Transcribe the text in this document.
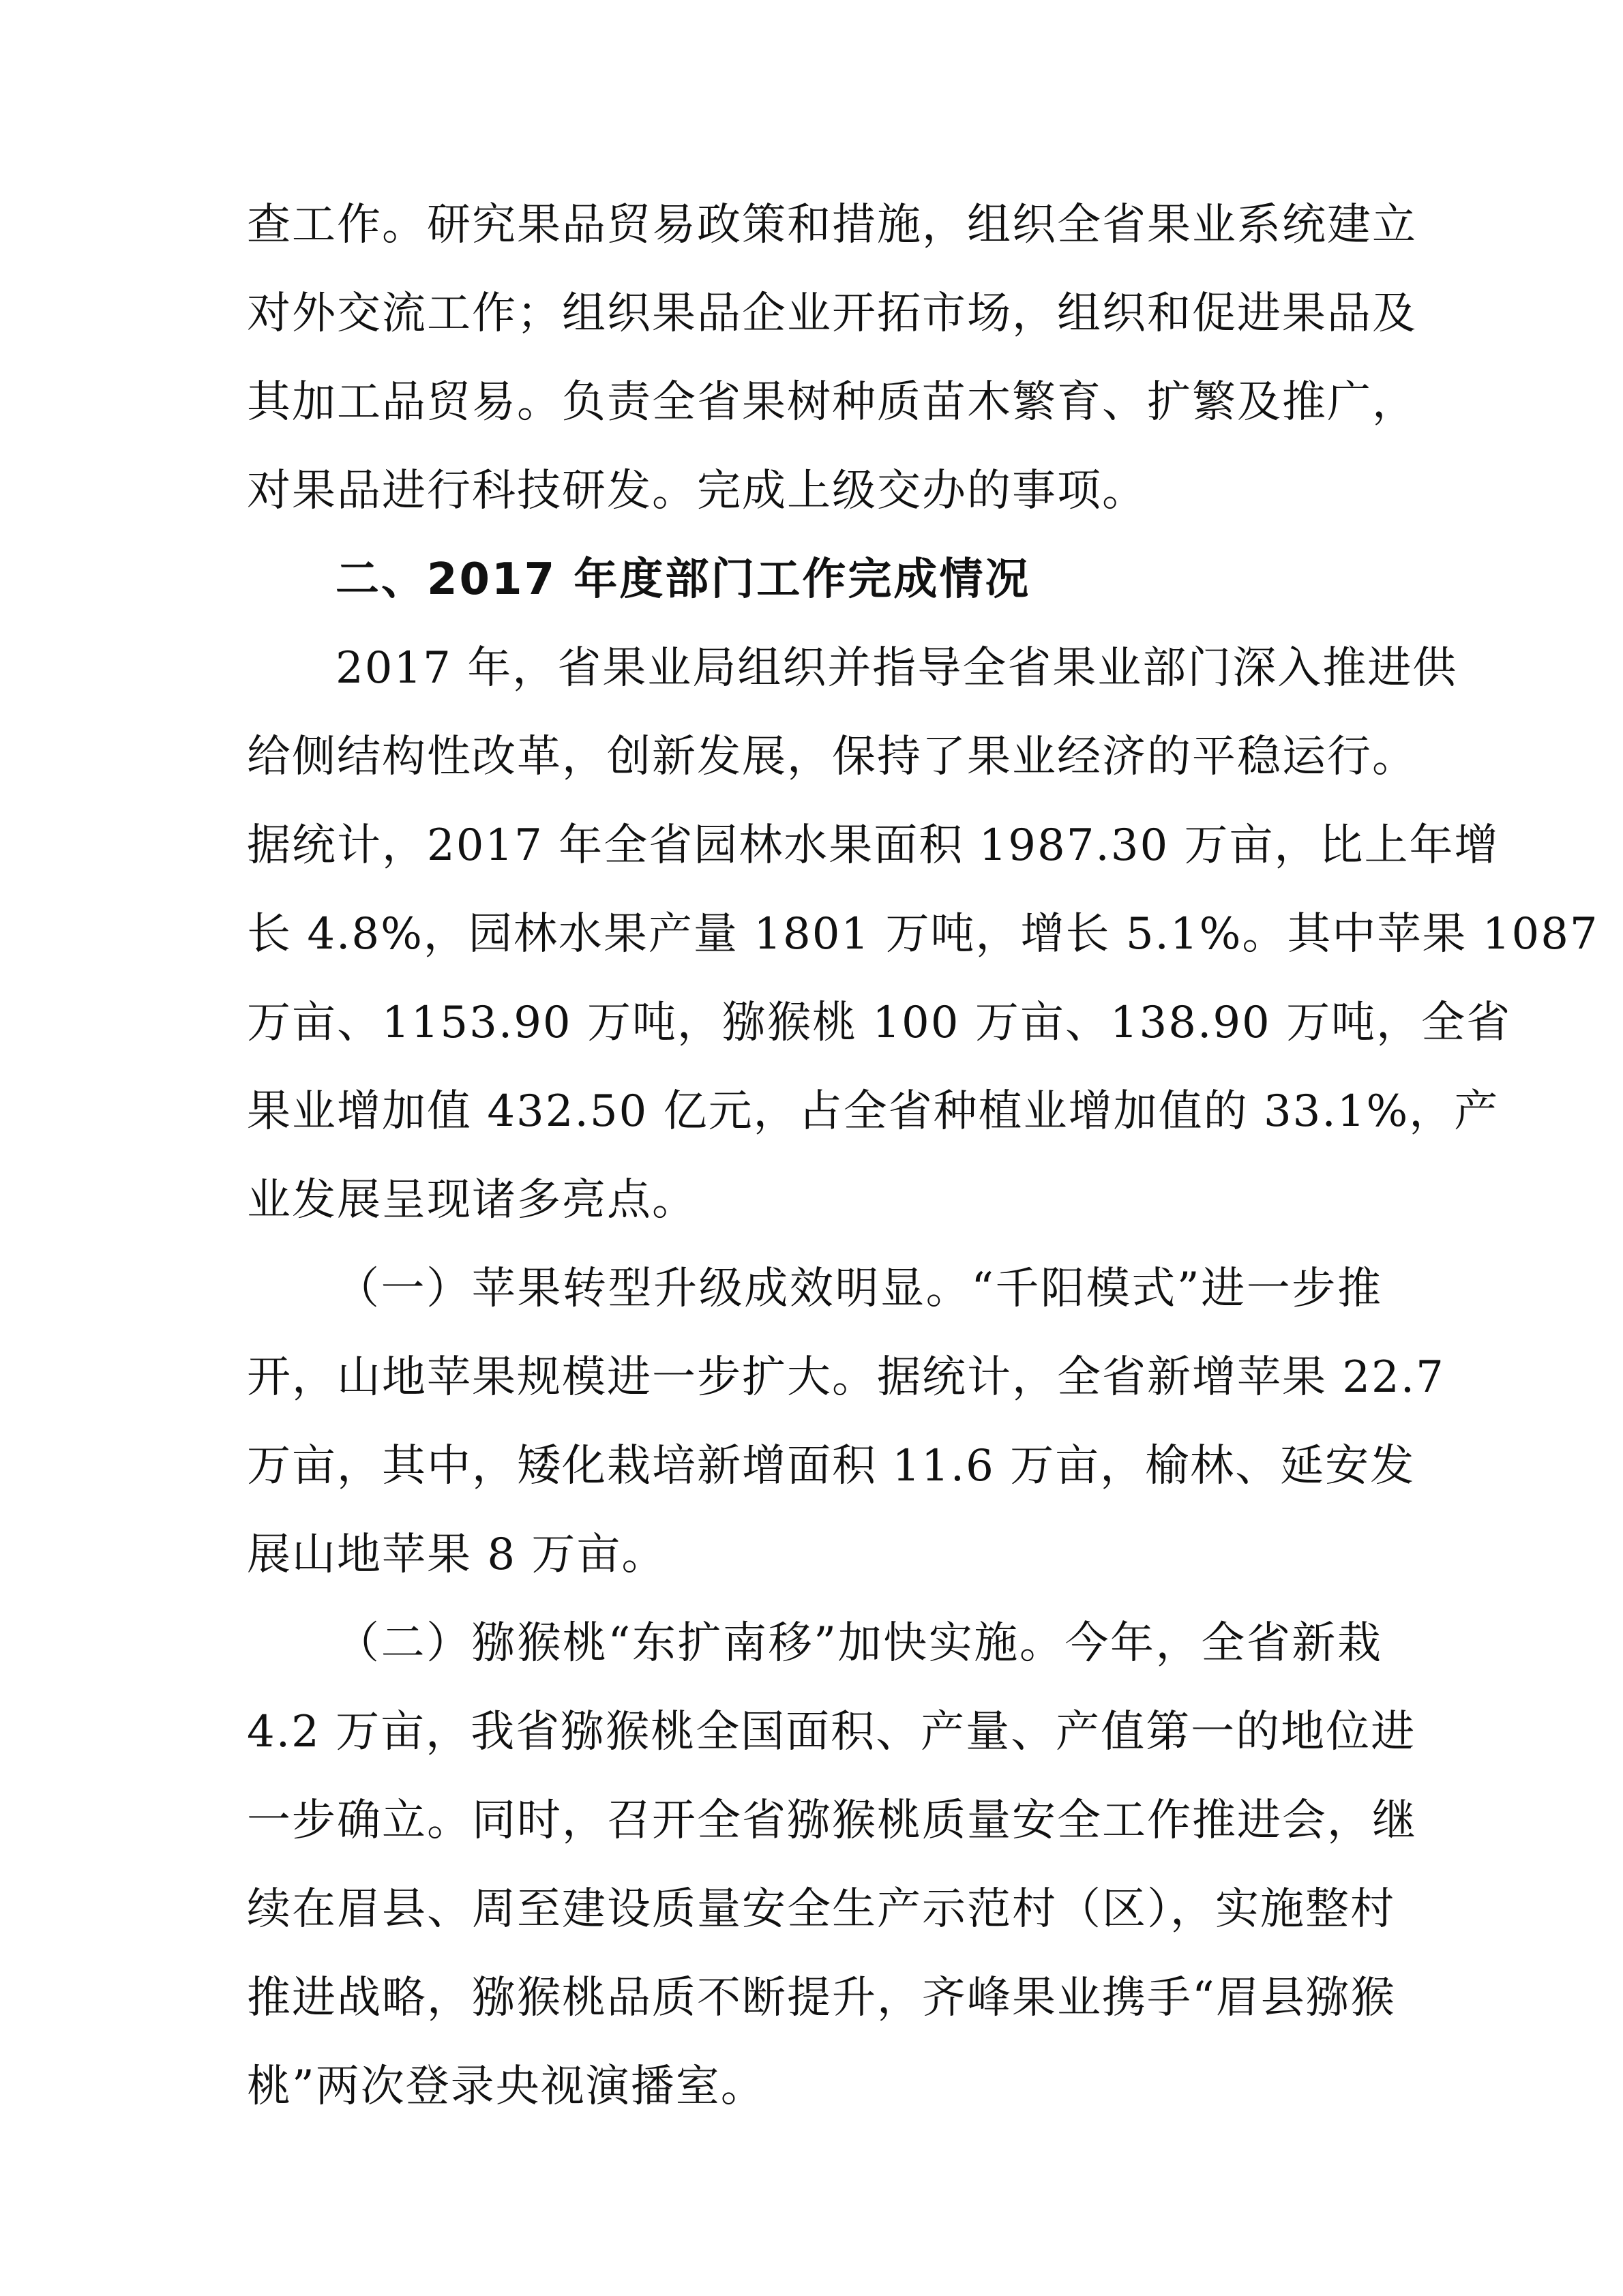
查工作。研究果品贸易政策和措施，组织全省果业系统建立
对外交流工作；组织果品企业开拓市场，组织和促进果品及
其加工品贸易。负责全省果树种质苗木繁育、扩繁及推广，
对果品进行科技研发。完成上级交办的事项。
二、2017 年度部门工作完成情况
2017 年，省果业局组织并指导全省果业部门深入推进供
给侧结构性改革，创新发展，保持了果业经济的平稳运行。
据统计，2017 年全省园林水果面积 1987.30 万亩，比上年增
长 4.8%，园林水果产量 1801 万吨，增长 5.1%。其中苹果 1087
万亩、1153.90 万吨，猕猴桃 100 万亩、138.90 万吨，全省
果业增加值 432.50 亿元，占全省种植业增加值的 33.1%，产
业发展呈现诸多亮点。
（一）苹果转型升级成效明显。“千阳模式”进一步推
开，山地苹果规模进一步扩大。据统计，全省新增苹果 22.7
万亩，其中，矮化栽培新增面积 11.6 万亩，榆林、延安发
展山地苹果 8 万亩。
（二）猕猴桃“东扩南移”加快实施。今年，全省新栽
4.2 万亩，我省猕猴桃全国面积、产量、产值第一的地位进
一步确立。同时，召开全省猕猴桃质量安全工作推进会，继
续在眉县、周至建设质量安全生产示范村（区），实施整村
推进战略，猕猴桃品质不断提升，齐峰果业携手“眉县猕猴
桃”两次登录央视演播室。
